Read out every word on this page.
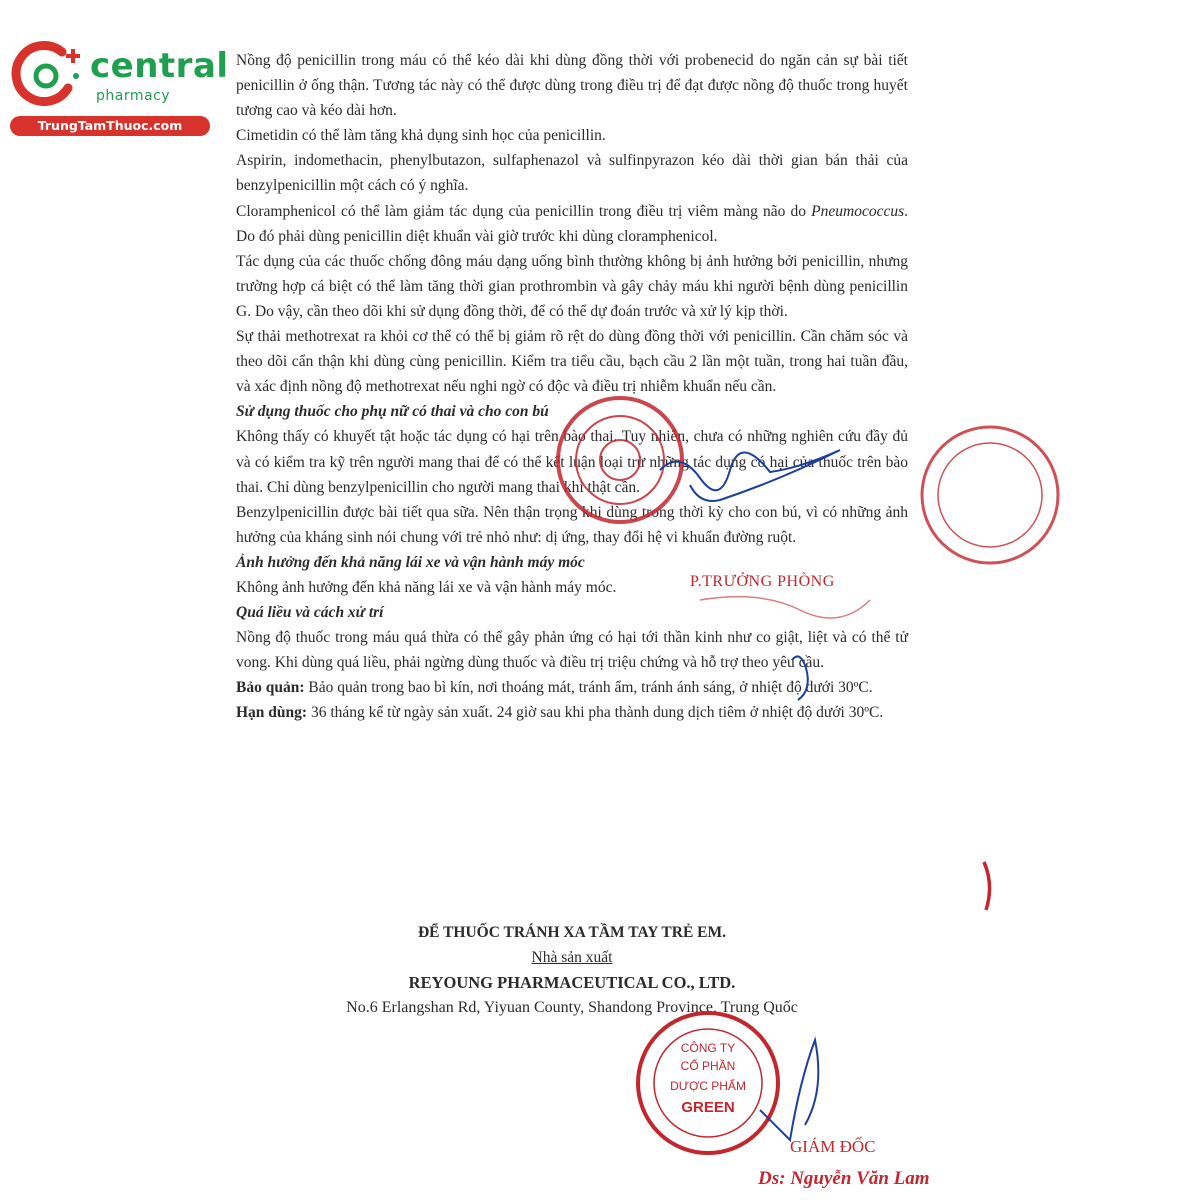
central
pharmacy
TrungTamThuoc.com
Nồng độ penicillin trong máu có thể kéo dài khi dùng đồng thời với probenecid do ngăn cản sự bài tiết penicillin ở ống thận. Tương tác này có thể được dùng trong điều trị để đạt được nồng độ thuốc trong huyết tương cao và kéo dài hơn.
Cimetidin có thể làm tăng khả dụng sinh học của penicillin.
Aspirin, indomethacin, phenylbutazon, sulfaphenazol và sulfinpyrazon kéo dài thời gian bán thải của benzylpenicillin một cách có ý nghĩa.
Cloramphenicol có thể làm giảm tác dụng của penicillin trong điều trị viêm màng não do Pneumococcus. Do đó phải dùng penicillin diệt khuẩn vài giờ trước khi dùng cloramphenicol.
Tác dụng của các thuốc chống đông máu dạng uống bình thường không bị ảnh hưởng bởi penicillin, nhưng trường hợp cá biệt có thể làm tăng thời gian prothrombin và gây chảy máu khi người bệnh dùng penicillin G. Do vậy, cần theo dõi khi sử dụng đồng thời, để có thể dự đoán trước và xử lý kịp thời.
Sự thải methotrexat ra khỏi cơ thể có thể bị giảm rõ rệt do dùng đồng thời với penicillin. Cần chăm sóc và theo dõi cẩn thận khi dùng cùng penicillin. Kiểm tra tiểu cầu, bạch cầu 2 lần một tuần, trong hai tuần đầu, và xác định nồng độ methotrexat nếu nghi ngờ có độc và điều trị nhiễm khuẩn nếu cần.
Sử dụng thuốc cho phụ nữ có thai và cho con bú
Không thấy có khuyết tật hoặc tác dụng có hại trên bào thai. Tuy nhiên, chưa có những nghiên cứu đầy đủ và có kiểm tra kỹ trên người mang thai để có thể kết luận loại trừ những tác dụng có hại của thuốc trên bào thai. Chỉ dùng benzylpenicillin cho người mang thai khi thật cần.
Benzylpenicillin được bài tiết qua sữa. Nên thận trọng khi dùng trong thời kỳ cho con bú, vì có những ảnh hưởng của kháng sinh nói chung với trẻ nhỏ như: dị ứng, thay đổi hệ vi khuẩn đường ruột.
Ảnh hưởng đến khả năng lái xe và vận hành máy móc
Không ảnh hưởng đến khả năng lái xe và vận hành máy móc.
Quá liều và cách xử trí
Nồng độ thuốc trong máu quá thừa có thể gây phản ứng có hại tới thần kinh như co giật, liệt và có thể tử vong. Khi dùng quá liều, phải ngừng dùng thuốc và điều trị triệu chứng và hỗ trợ theo yêu cầu.
Bảo quản: Bảo quản trong bao bì kín, nơi thoáng mát, tránh ẩm, tránh ánh sáng, ở nhiệt độ dưới 30ºC.
Hạn dùng: 36 tháng kể từ ngày sản xuất. 24 giờ sau khi pha thành dung dịch tiêm ở nhiệt độ dưới 30ºC.
ĐỂ THUỐC TRÁNH XA TẦM TAY TRẺ EM.
Nhà sản xuất
REYOUNG PHARMACEUTICAL CO., LTD.
No.6 Erlangshan Rd, Yiyuan County, Shandong Province, Trung Quốc
CÔNG TY
CỔ PHẦN
DƯỢC PHẨM
GREEN
P.TRƯỞNG PHÒNG
GIÁM ĐỐC
Ds: Nguyễn Văn Lam
